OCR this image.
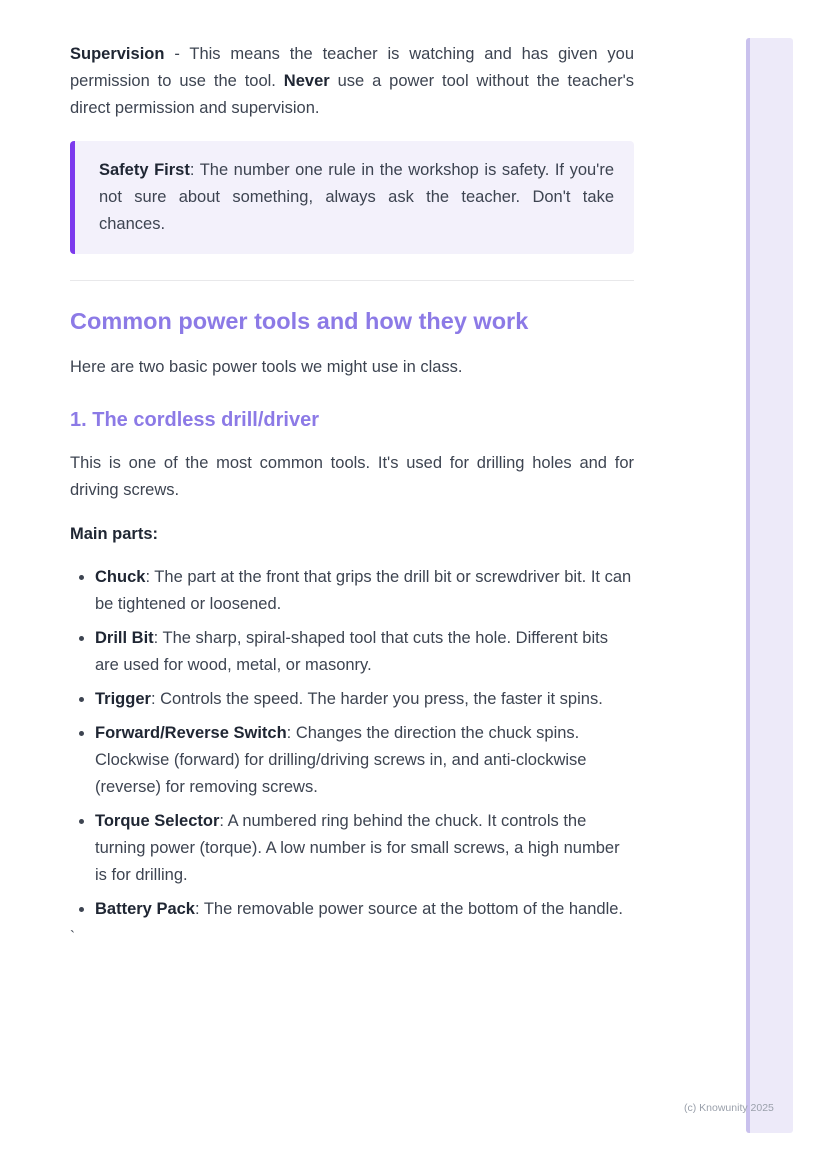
Supervision - This means the teacher is watching and has given you permission to use the tool. Never use a power tool without the teacher's direct permission and supervision.

Safety First: The number one rule in the workshop is safety. If you're not sure about something, always ask the teacher. Don't take chances.

Common power tools and how they work

Here are two basic power tools we might use in class.

1. The cordless drill/driver

This is one of the most common tools. It's used for drilling holes and for driving screws.

Main parts:

• Chuck: The part at the front that grips the drill bit or screwdriver bit. It can be tightened or loosened.
• Drill Bit: The sharp, spiral-shaped tool that cuts the hole. Different bits are used for wood, metal, or masonry.
• Trigger: Controls the speed. The harder you press, the faster it spins.
• Forward/Reverse Switch: Changes the direction the chuck spins. Clockwise (forward) for drilling/driving screws in, and anti-clockwise (reverse) for removing screws.
• Torque Selector: A numbered ring behind the chuck. It controls the turning power (torque). A low number is for small screws, a high number is for drilling.
• Battery Pack: The removable power source at the bottom of the handle.

`

(c) Knowunity 2025
